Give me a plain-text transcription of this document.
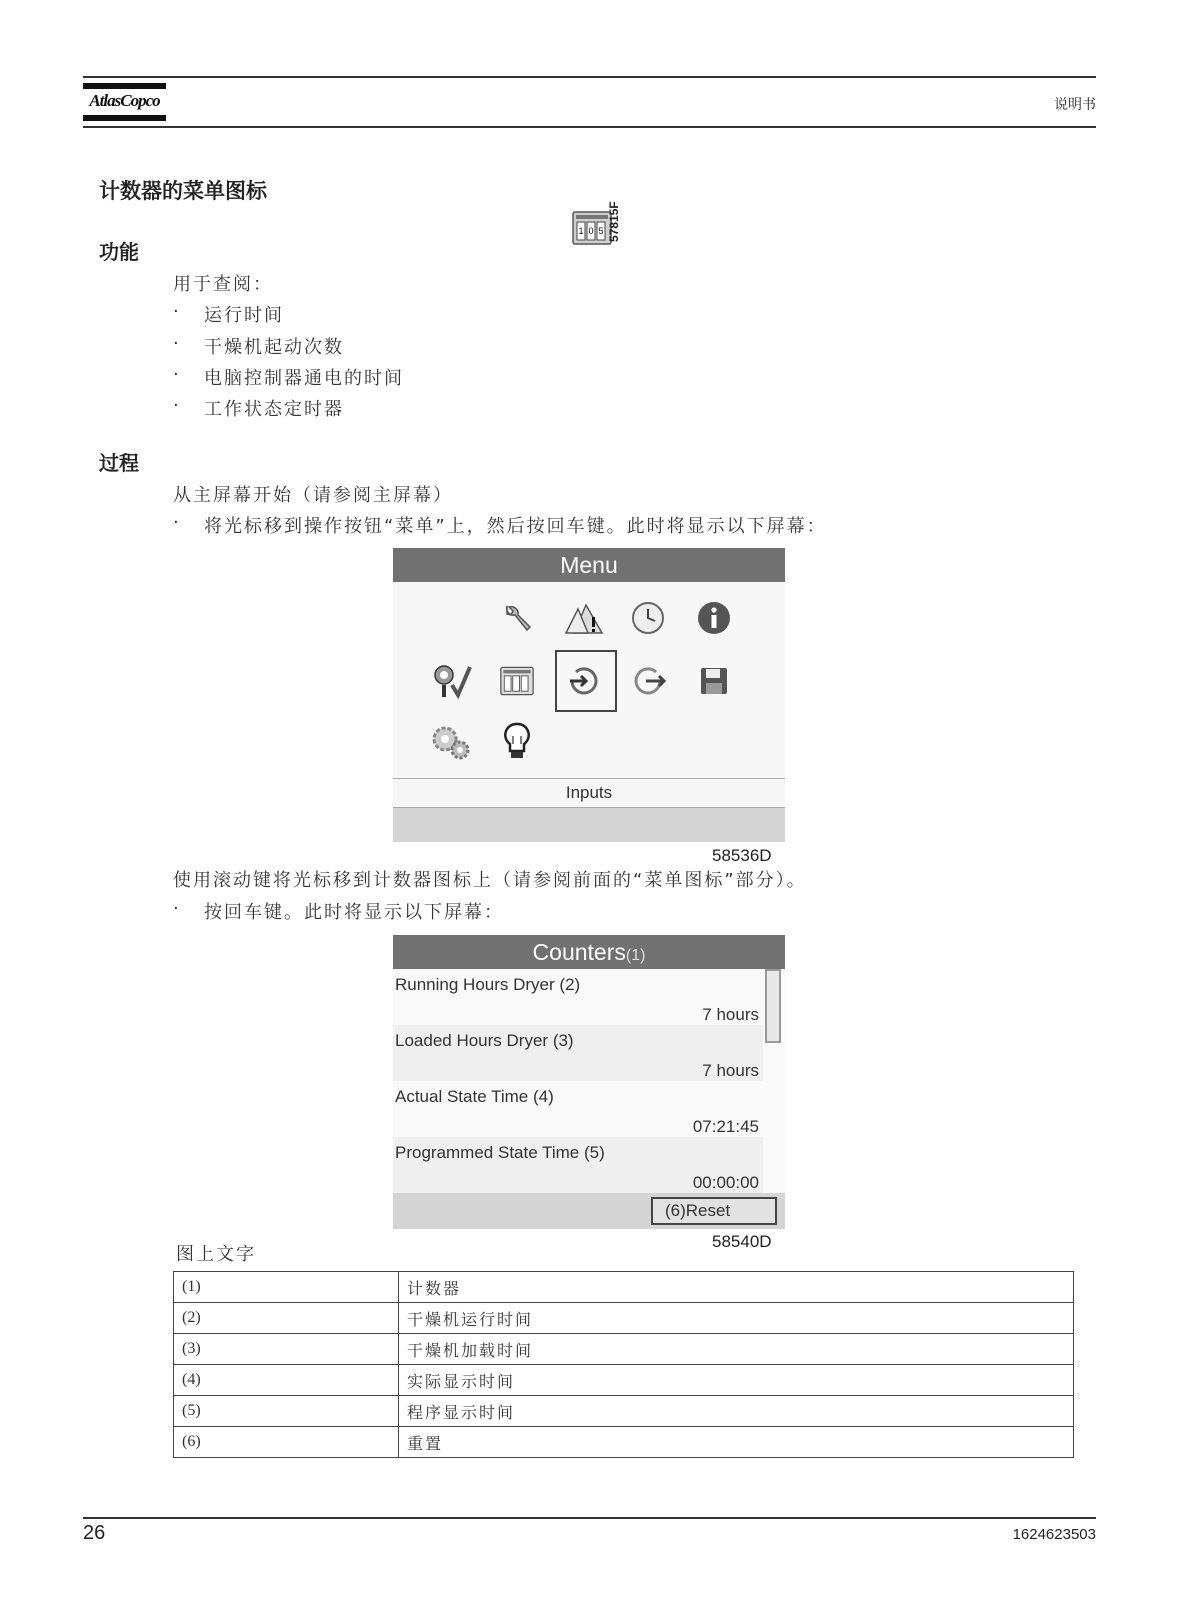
AtlasCopco	说明书
计数器的菜单图标
功能
1 0 5 57815F
用于查阅：
· 运行时间
· 干燥机起动次数
· 电脑控制器通电的时间
· 工作状态定时器
过程
从主屏幕开始（请参阅主屏幕）
· 将光标移到操作按钮“菜单”上，然后按回车键。此时将显示以下屏幕：
Menu
Inputs
58536D
使用滚动键将光标移到计数器图标上（请参阅前面的“菜单图标”部分）。
· 按回车键。此时将显示以下屏幕：
Counters(1)
Running Hours Dryer (2)
7 hours
Loaded Hours Dryer (3)
7 hours
Actual State Time (4)
07:21:45
Programmed State Time (5)
00:00:00
(6)Reset
58540D
图上文字
(1)	计数器
(2)	干燥机运行时间
(3)	干燥机加载时间
(4)	实际显示时间
(5)	程序显示时间
(6)	重置
26	1624623503
